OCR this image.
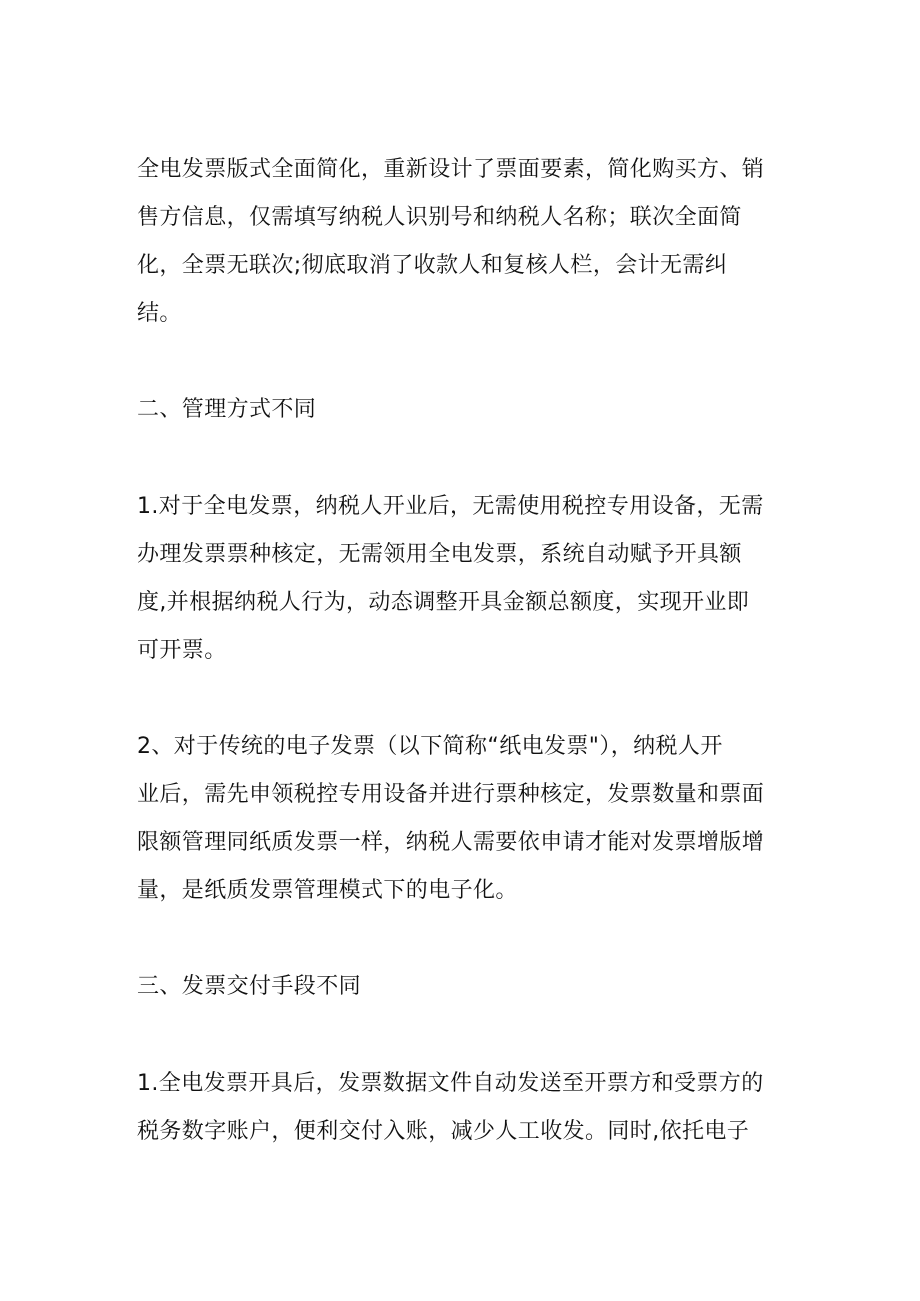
全电发票版式全面简化，重新设计了票面要素，简化购买方、销
售方信息，仅需填写纳税人识别号和纳税人名称；联次全面简
化，全票无联次;彻底取消了收款人和复核人栏，会计无需纠
结。

二、管理方式不同

1.对于全电发票，纳税人开业后，无需使用税控专用设备，无需
办理发票票种核定，无需领用全电发票，系统自动赋予开具额
度,并根据纳税人行为，动态调整开具金额总额度，实现开业即
可开票。

2、对于传统的电子发票（以下简称“纸电发票"），纳税人开
业后，需先申领税控专用设备并进行票种核定，发票数量和票面
限额管理同纸质发票一样，纳税人需要依申请才能对发票增版增
量，是纸质发票管理模式下的电子化。

三、发票交付手段不同

1.全电发票开具后，发票数据文件自动发送至开票方和受票方的
税务数字账户，便利交付入账，减少人工收发。同时,依托电子
